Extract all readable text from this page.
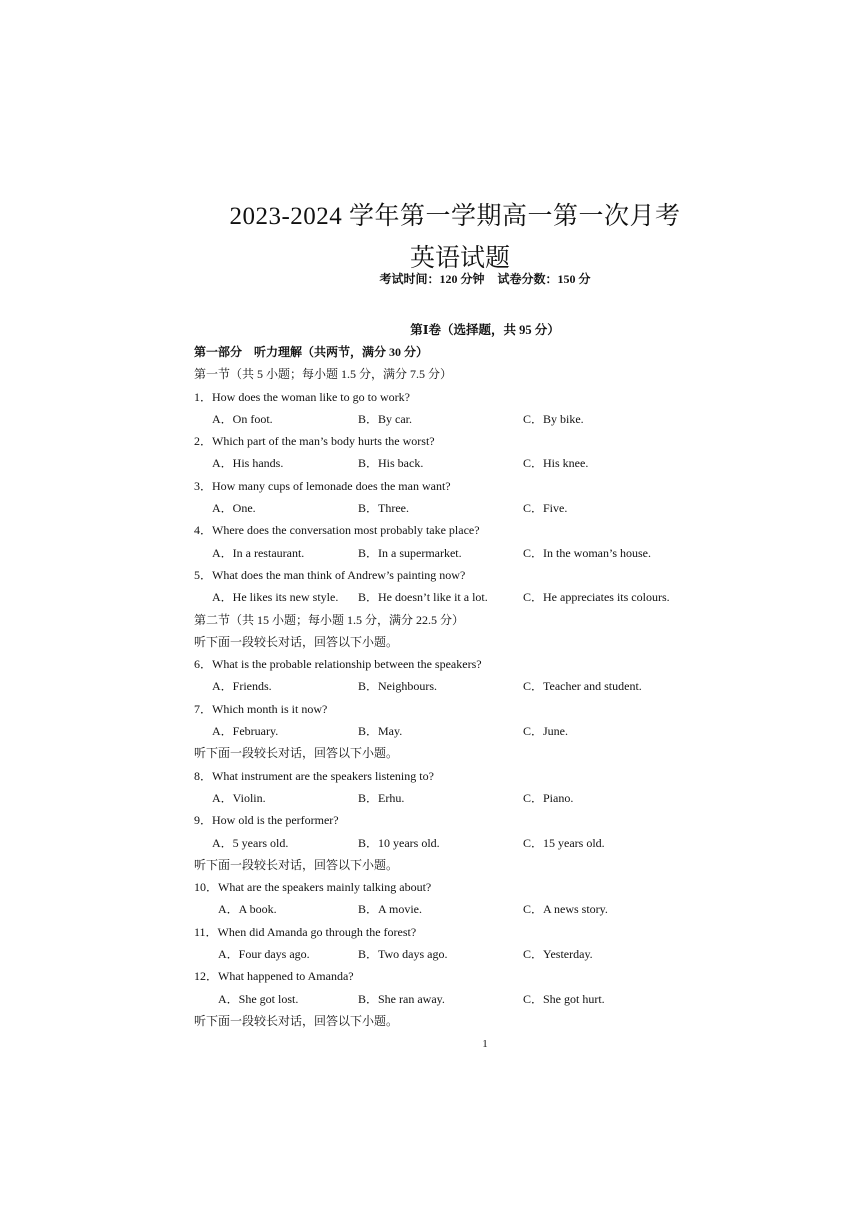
2023-2024 学年第一学期高一第一次月考
英语试题
考试时间：120 分钟 试卷分数：150 分
第Ⅰ卷（选择题，共 95 分）
第一部分　听力理解（共两节，满分 30 分）
第一节（共 5 小题；每小题 1.5 分，满分 7.5 分）
1．How does the woman like to go to work?
A．On foot.	B．By car.	C．By bike.
2．Which part of the man’s body hurts the worst?
A．His hands.	B．His back.	C．His knee.
3．How many cups of lemonade does the man want?
A．One.	B．Three.	C．Five.
4．Where does the conversation most probably take place?
A．In a restaurant.	B．In a supermarket.	C．In the woman’s house.
5．What does the man think of Andrew’s painting now?
A．He likes its new style. B．He doesn’t like it a lot.	C．He appreciates its colours.
第二节（共 15 小题；每小题 1.5 分，满分 22.5 分）
听下面一段较长对话，回答以下小题。
6．What is the probable relationship between the speakers?
A．Friends.	B．Neighbours.	C．Teacher and student.
7．Which month is it now?
A．February.	B．May.	C．June.
听下面一段较长对话，回答以下小题。
8．What instrument are the speakers listening to?
A．Violin.	B．Erhu.	C．Piano.
9．How old is the performer?
A．5 years old.	B．10 years old.	C．15 years old.
听下面一段较长对话，回答以下小题。
10．What are the speakers mainly talking about?
A．A book.	B．A movie.	C．A news story.
11．When did Amanda go through the forest?
A．Four days ago.	B．Two days ago.	C．Yesterday.
12．What happened to Amanda?
A．She got lost.	B．She ran away.	C．She got hurt.
听下面一段较长对话，回答以下小题。
1
